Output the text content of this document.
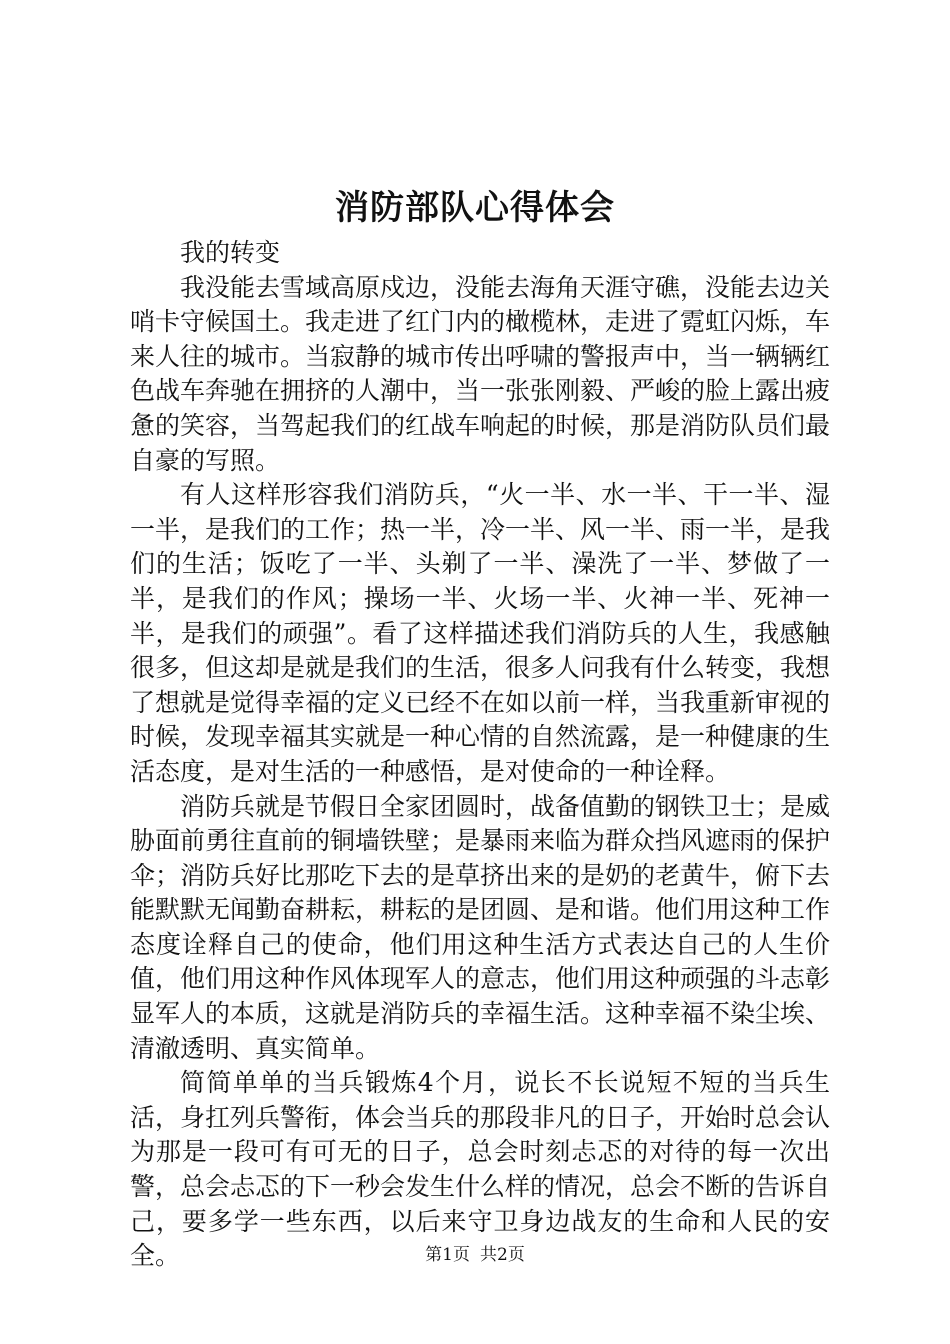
消防部队心得体会

我的转变

我没能去雪域高原戍边，没能去海角天涯守礁，没能去边关哨卡守候国土。我走进了红门内的橄榄林，走进了霓虹闪烁，车来人往的城市。当寂静的城市传出呼啸的警报声中，当一辆辆红色战车奔驰在拥挤的人潮中，当一张张刚毅、严峻的脸上露出疲惫的笑容，当驾起我们的红战车响起的时候，那是消防队员们最自豪的写照。

有人这样形容我们消防兵，“火一半、水一半、干一半、湿一半，是我们的工作；热一半，冷一半、风一半、雨一半，是我们的生活；饭吃了一半、头剃了一半、澡洗了一半、梦做了一半，是我们的作风；操场一半、火场一半、火神一半、死神一半，是我们的顽强”。看了这样描述我们消防兵的人生，我感触很多，但这却是就是我们的生活，很多人问我有什么转变，我想了想就是觉得幸福的定义已经不在如以前一样，当我重新审视的时候，发现幸福其实就是一种心情的自然流露，是一种健康的生活态度，是对生活的一种感悟，是对使命的一种诠释。

消防兵就是节假日全家团圆时，战备值勤的钢铁卫士；是威胁面前勇往直前的铜墙铁壁；是暴雨来临为群众挡风遮雨的保护伞；消防兵好比那吃下去的是草挤出来的是奶的老黄牛，俯下去能默默无闻勤奋耕耘，耕耘的是团圆、是和谐。他们用这种工作态度诠释自己的使命，他们用这种生活方式表达自己的人生价值，他们用这种作风体现军人的意志，他们用这种顽强的斗志彰显军人的本质，这就是消防兵的幸福生活。这种幸福不染尘埃、清澈透明、真实简单。

简简单单的当兵锻炼4个月，说长不长说短不短的当兵生活，身扛列兵警衔，体会当兵的那段非凡的日子，开始时总会认为那是一段可有可无的日子，总会时刻忐忑的对待的每一次出警，总会忐忑的下一秒会发生什么样的情况，总会不断的告诉自己，要多学一些东西，以后来守卫身边战友的生命和人民的安全。	第1页 共2页
